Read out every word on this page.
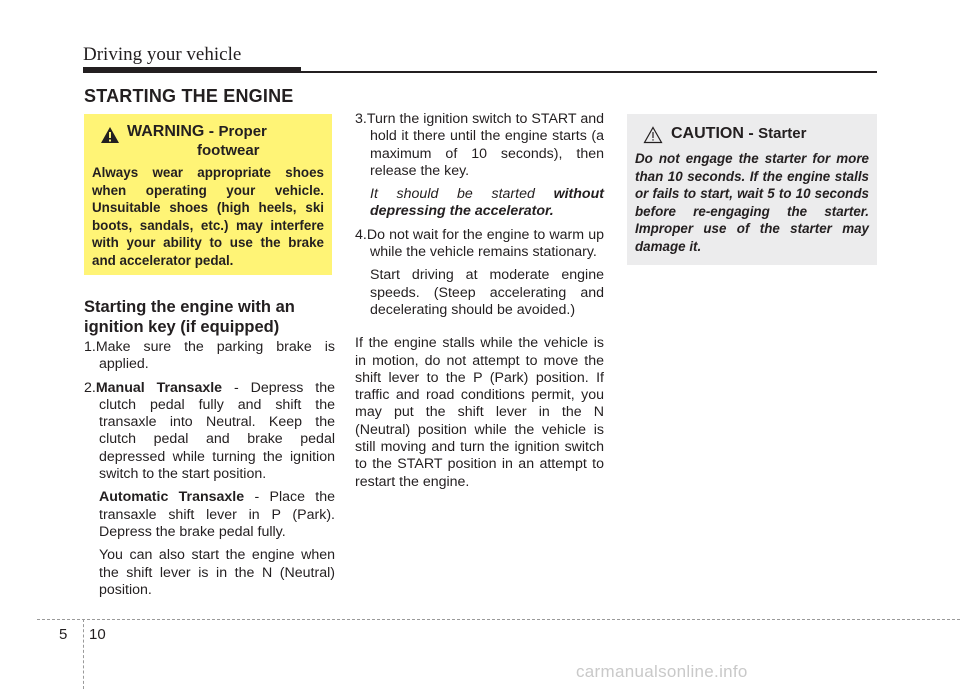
Driving your vehicle
STARTING THE ENGINE
WARNING - Proper
footwear
Always wear appropriate shoes when operating your vehicle. Unsuitable shoes (high heels, ski boots, sandals, etc.) may interfere with your ability to use the brake and accelerator pedal.
CAUTION - Starter
Do not engage the starter for more than 10 seconds. If the engine stalls or fails to start, wait 5 to 10 seconds before re-engaging the starter. Improper use of the starter may damage it.
Starting the engine with an ignition key (if equipped)

1.Make sure the parking brake is applied.

2.Manual Transaxle - Depress the clutch pedal fully and shift the transaxle into Neutral. Keep the clutch pedal and brake pedal depressed while turning the ignition switch to the start position.

Automatic Transaxle - Place the transaxle shift lever in P (Park). Depress the brake pedal fully.

You can also start the engine when the shift lever is in the N (Neutral) position.

3.Turn the ignition switch to START and hold it there until the engine starts (a maximum of 10 seconds), then release the key.

It should be started without depressing the accelerator.

4.Do not wait for the engine to warm up while the vehicle remains stationary.

Start driving at moderate engine speeds. (Steep accelerating and decelerating should be avoided.)

If the engine stalls while the vehicle is in motion, do not attempt to move the shift lever to the P (Park) position. If traffic and road conditions permit, you may put the shift lever in the N (Neutral) position while the vehicle is still moving and turn the ignition switch to the START position in an attempt to restart the engine.

5 10
carmanualsonline.info
